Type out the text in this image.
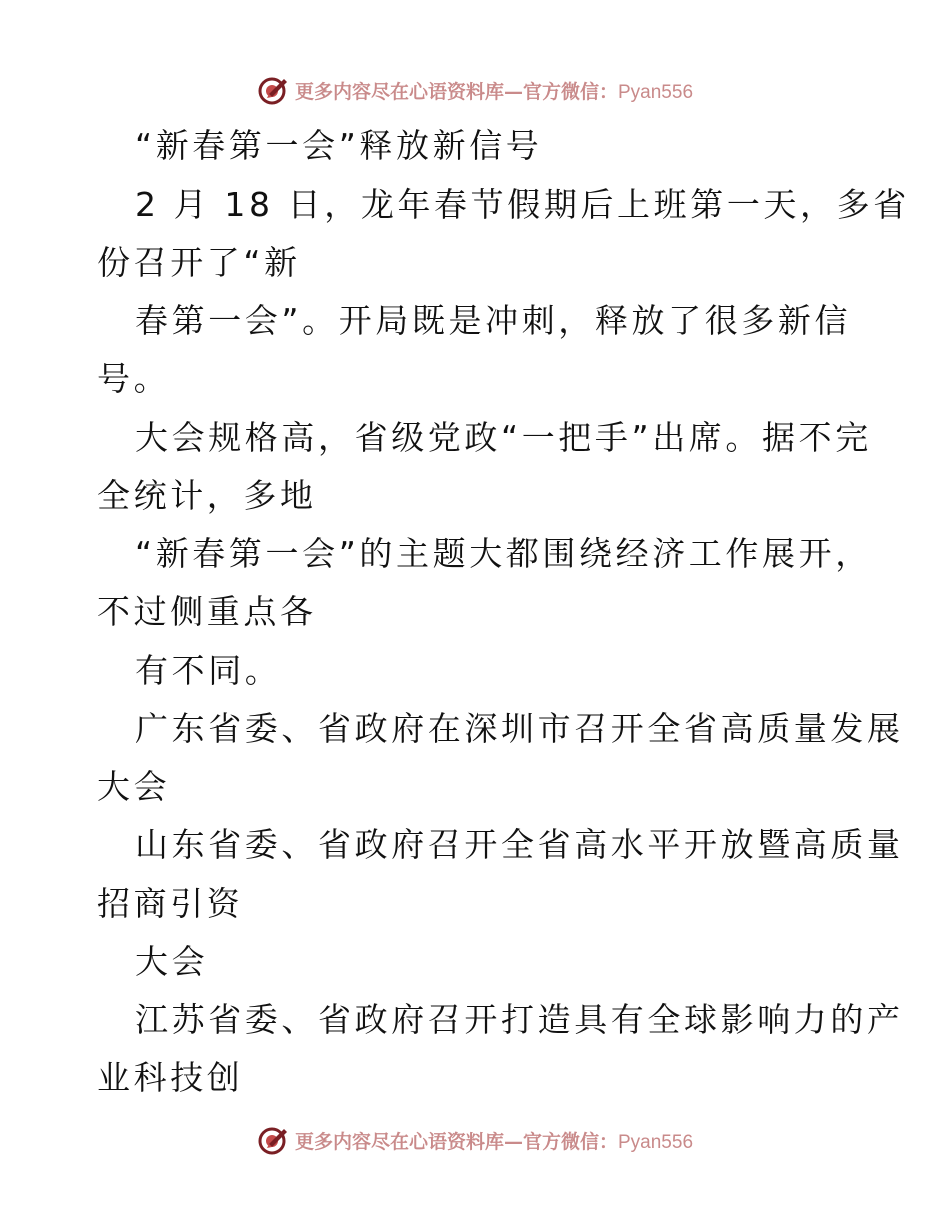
更多内容尽在心语资料库—官方微信：Pyan556
“新春第一会”释放新信号
2 月 18 日，龙年春节假期后上班第一天，多省
份召开了“新
春第一会”。开局既是冲刺，释放了很多新信
号。
大会规格高，省级党政“一把手”出席。据不完
全统计，多地
“新春第一会”的主题大都围绕经济工作展开，
不过侧重点各
有不同。
广东省委、省政府在深圳市召开全省高质量发展
大会
山东省委、省政府召开全省高水平开放暨高质量
招商引资
大会
江苏省委、省政府召开打造具有全球影响力的产
业科技创
更多内容尽在心语资料库—官方微信：Pyan556
